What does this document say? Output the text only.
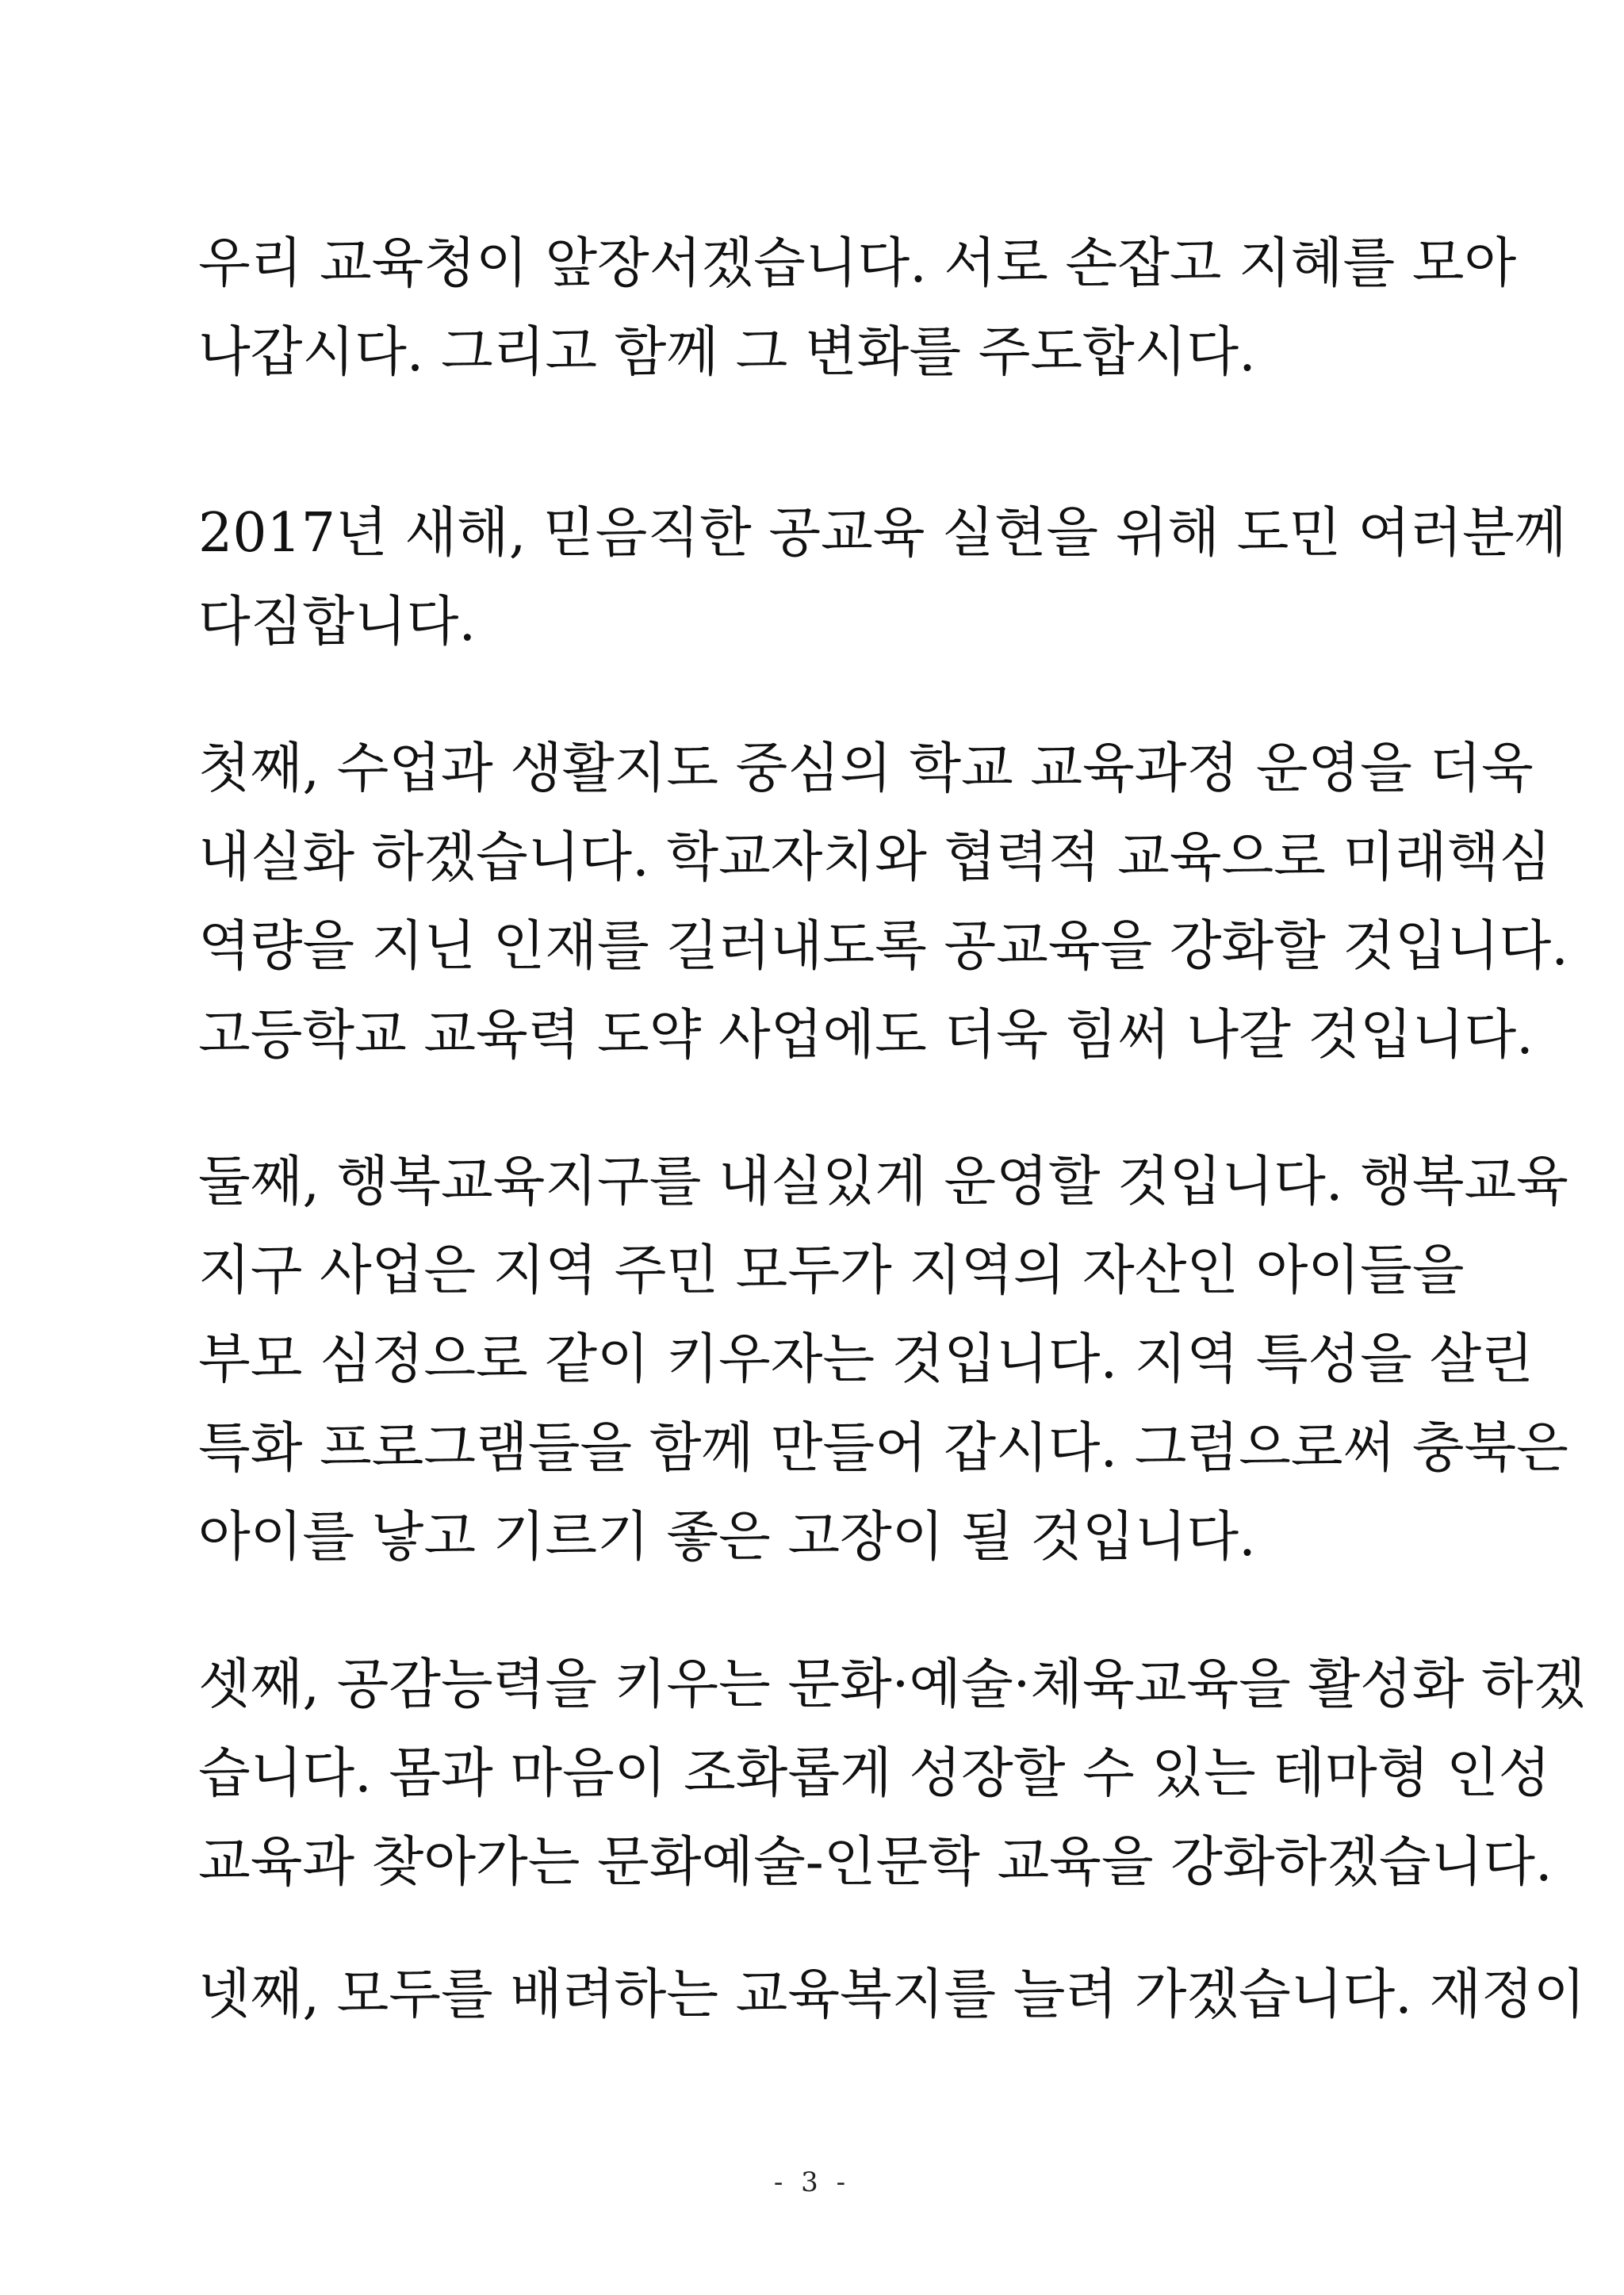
우리 교육청이 앞장서겠습니다. 서로 손잡고 지혜를 모아
나갑시다. 그리고 함께 그 변화를 주도합시다.
2017년 새해, 믿음직한 공교육 실현을 위해 도민 여러분께
다짐합니다.
첫째, 수업과 생활지도 중심의 학교 교육과정 운영을 더욱
내실화 하겠습니다. 학교자치와 협력적 교육으로 미래핵심
역량을 지닌 인재를 길러내도록 공교육을 강화할 것입니다.
고등학교 교육력 도약 사업에도 더욱 힘써 나갈 것입니다.
둘째, 행복교육지구를 내실있게 운영할 것입니다. 행복교육
지구 사업은 지역 주민 모두가 지역의 자산인 아이들을
부모 심정으로 같이 키우자는 것입니다. 지역 특성을 살린
특화 프로그램들을 함께 만들어 갑시다. 그럼으로써 충북은
아이를 낳고 기르기 좋은 고장이 될 것입니다.
셋째, 공감능력을 키우는 문화·예술·체육교육을 활성화 하겠
습니다. 몸과 마음이 조화롭게 성장할 수 있는 테마형 인성
교육과 찾아가는 문화예술-인문학 교육을 강화하겠습니다.
넷째, 모두를 배려하는 교육복지를 늘려 가겠습니다. 재정이
- 3 -
